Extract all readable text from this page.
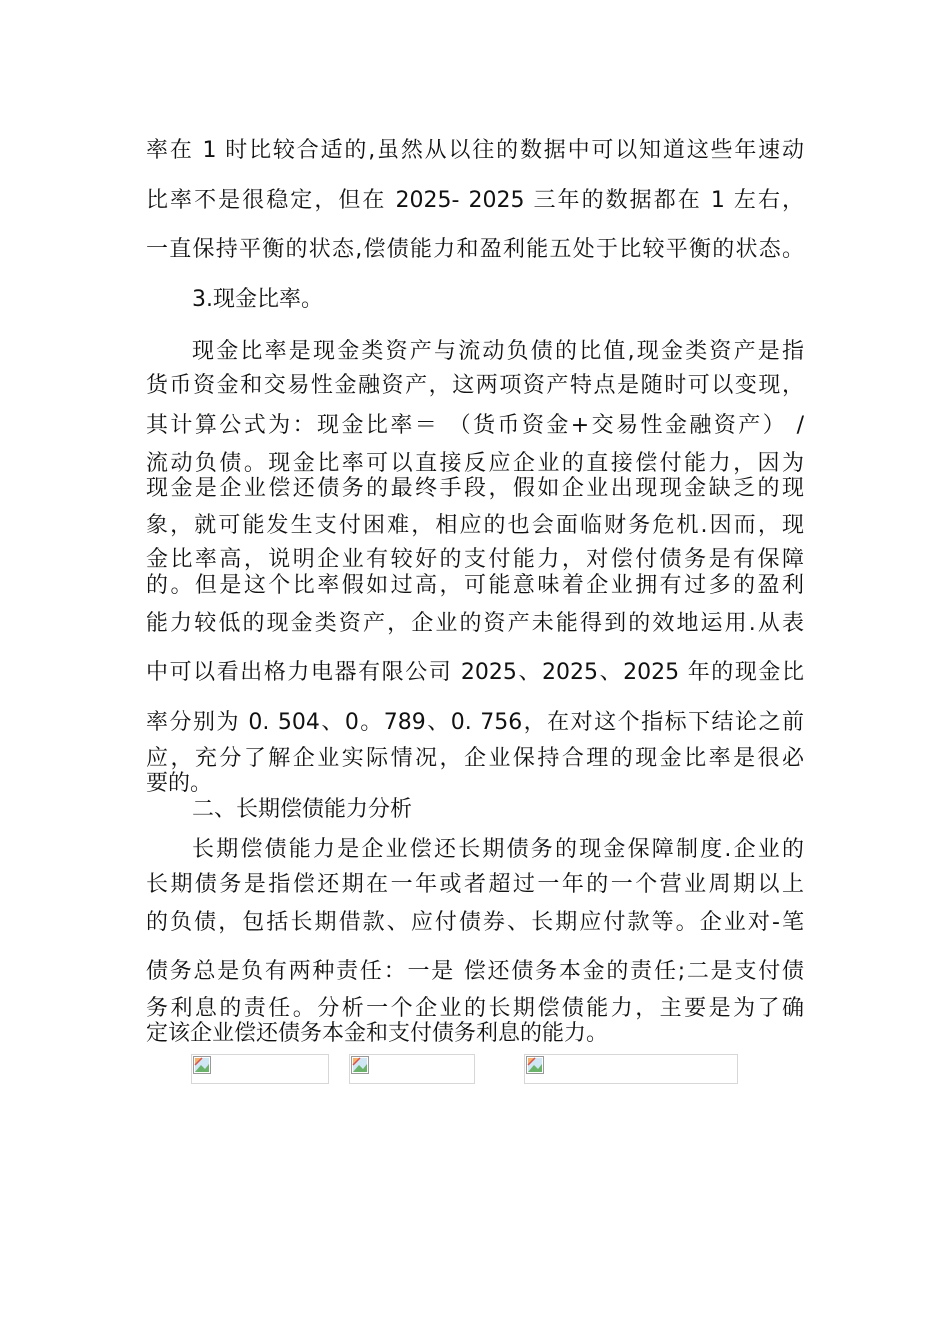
率在 1 时比较合适的,虽然从以往的数据中可以知道这些年速动
比率不是很稳定，但在 2025- 2025 三年的数据都在 1 左右，
一直保持平衡的状态,偿债能力和盈利能五处于比较平衡的状态。
3.现金比率。
现金比率是现金类资产与流动负债的比值,现金类资产是指
货币资金和交易性金融资产，这两项资产特点是随时可以变现，
其计算公式为：现金比率＝ （货币资金+交易性金融资产） /
流动负债。现金比率可以直接反应企业的直接偿付能力，因为
现金是企业偿还债务的最终手段，假如企业出现现金缺乏的现
象，就可能发生支付困难，相应的也会面临财务危机.因而，现
金比率高，说明企业有较好的支付能力，对偿付债务是有保障
的。但是这个比率假如过高，可能意味着企业拥有过多的盈利
能力较低的现金类资产，企业的资产未能得到的效地运用.从表
中可以看出格力电器有限公司 2025、2025、2025 年的现金比
率分别为 0. 504、0。789、0. 756，在对这个指标下结论之前
应，充分了解企业实际情况，企业保持合理的现金比率是很必
要的。
二、长期偿债能力分析
长期偿债能力是企业偿还长期债务的现金保障制度.企业的
长期债务是指偿还期在一年或者超过一年的一个营业周期以上
的负债，包括长期借款、应付债券、长期应付款等。企业对-笔
债务总是负有两种责任：一是 偿还债务本金的责任;二是支付债
务利息的责任。分析一个企业的长期偿债能力，主要是为了确
定该企业偿还债务本金和支付债务利息的能力。
